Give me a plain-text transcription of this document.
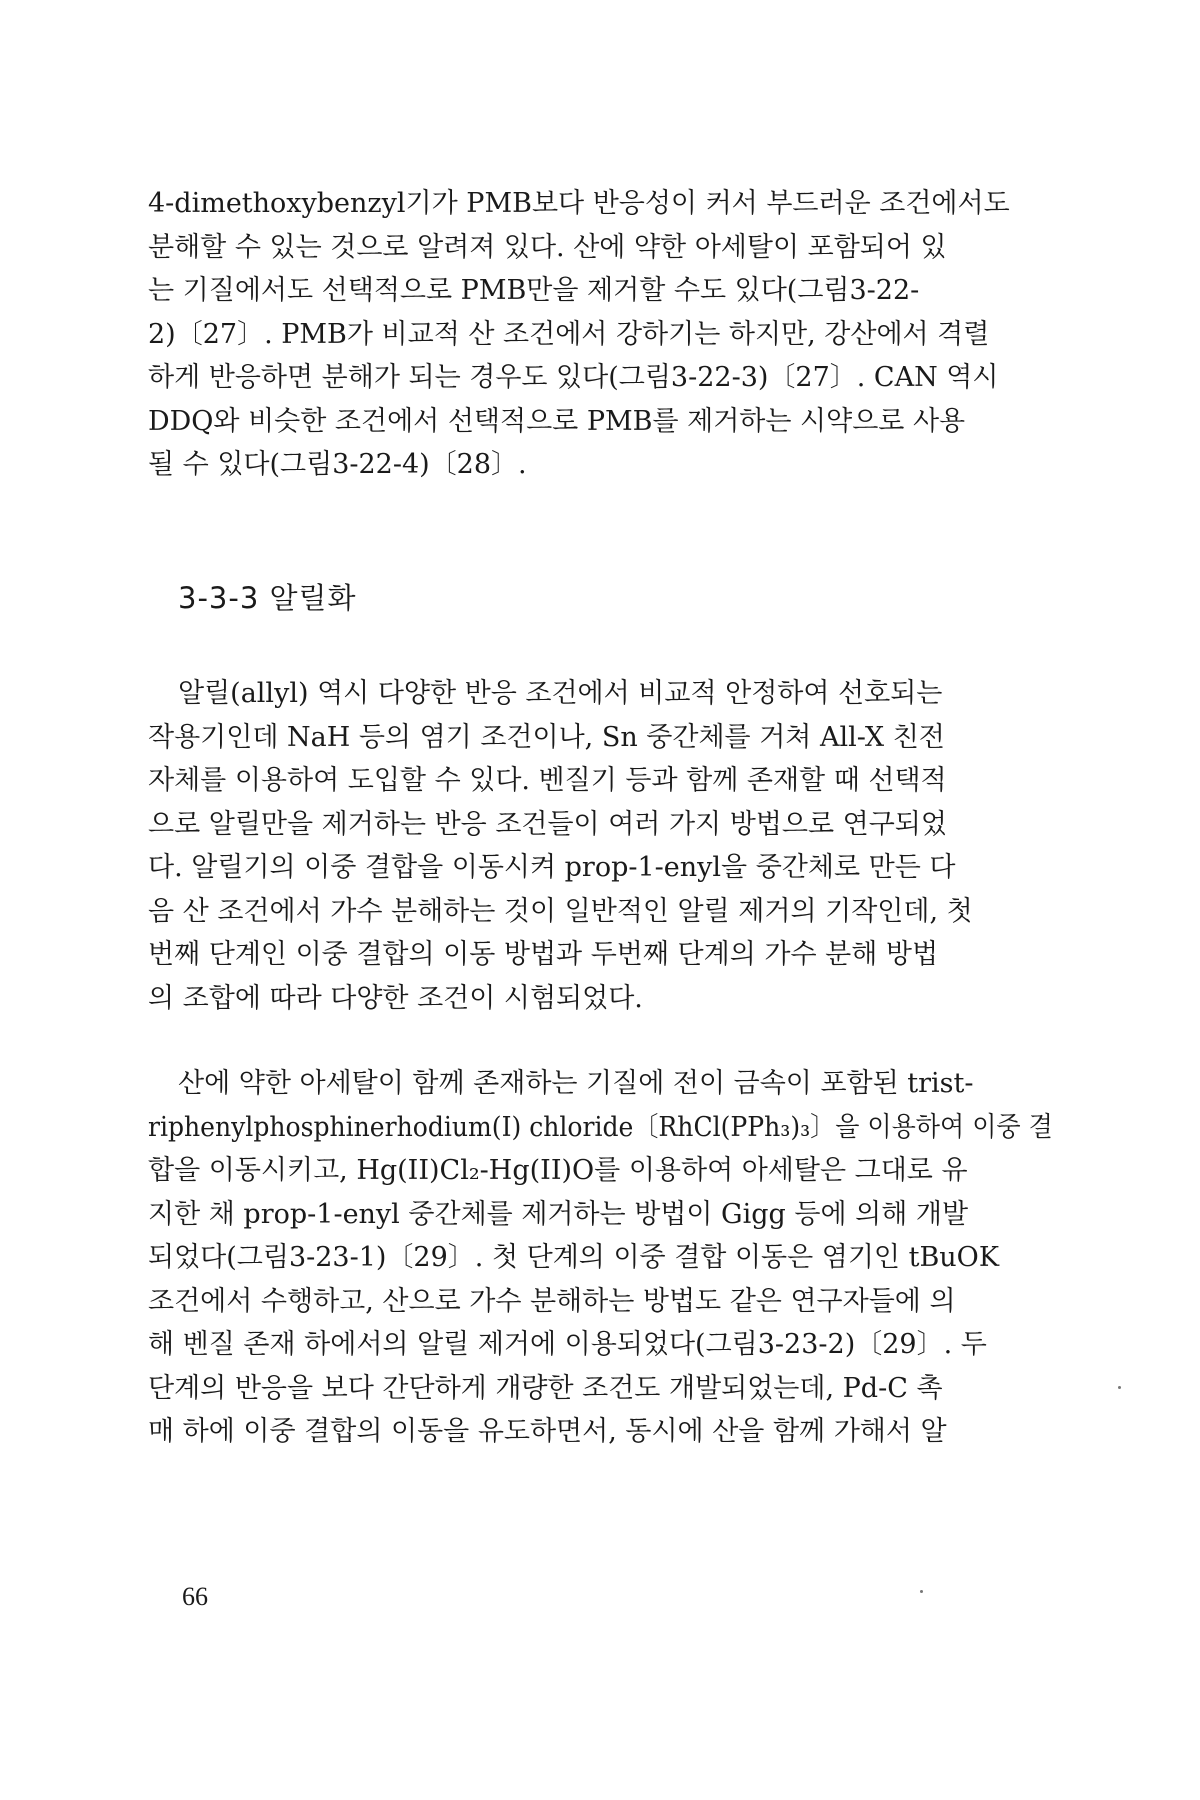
4-dimethoxybenzyl기가 PMB보다 반응성이 커서 부드러운 조건에서도
분해할 수 있는 것으로 알려져 있다. 산에 약한 아세탈이 포함되어 있
는 기질에서도 선택적으로 PMB만을 제거할 수도 있다(그림3-22-
2)〔27〕. PMB가 비교적 산 조건에서 강하기는 하지만, 강산에서 격렬
하게 반응하면 분해가 되는 경우도 있다(그림3-22-3)〔27〕. CAN 역시
DDQ와 비슷한 조건에서 선택적으로 PMB를 제거하는 시약으로 사용
될 수 있다(그림3-22-4)〔28〕.

3-3-3 알릴화

알릴(allyl) 역시 다양한 반응 조건에서 비교적 안정하여 선호되는
작용기인데 NaH 등의 염기 조건이나, Sn 중간체를 거쳐 All-X 친전
자체를 이용하여 도입할 수 있다. 벤질기 등과 함께 존재할 때 선택적
으로 알릴만을 제거하는 반응 조건들이 여러 가지 방법으로 연구되었
다. 알릴기의 이중 결합을 이동시켜 prop-1-enyl을 중간체로 만든 다
음 산 조건에서 가수 분해하는 것이 일반적인 알릴 제거의 기작인데, 첫
번째 단계인 이중 결합의 이동 방법과 두번째 단계의 가수 분해 방법
의 조합에 따라 다양한 조건이 시험되었다.

산에 약한 아세탈이 함께 존재하는 기질에 전이 금속이 포함된 trist-
riphenylphosphinerhodium(I) chloride〔RhCl(PPh₃)₃〕을 이용하여 이중 결
합을 이동시키고, Hg(II)Cl₂-Hg(II)O를 이용하여 아세탈은 그대로 유
지한 채 prop-1-enyl 중간체를 제거하는 방법이 Gigg 등에 의해 개발
되었다(그림3-23-1)〔29〕. 첫 단계의 이중 결합 이동은 염기인 tBuOK
조건에서 수행하고, 산으로 가수 분해하는 방법도 같은 연구자들에 의
해 벤질 존재 하에서의 알릴 제거에 이용되었다(그림3-23-2)〔29〕. 두
단계의 반응을 보다 간단하게 개량한 조건도 개발되었는데, Pd-C 촉
매 하에 이중 결합의 이동을 유도하면서, 동시에 산을 함께 가해서 알

66
